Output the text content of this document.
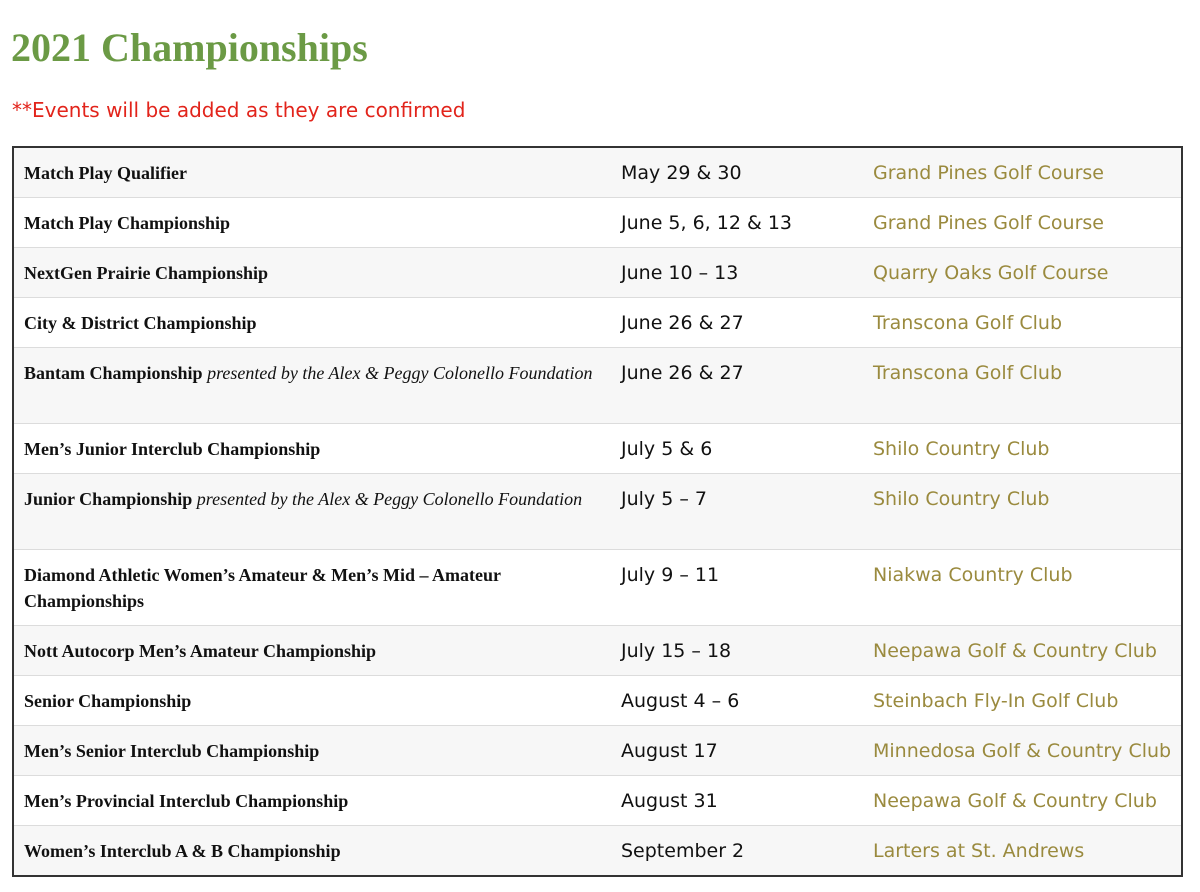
2021 Championships

**Events will be added as they are confirmed

Match Play Qualifier	May 29 & 30	Grand Pines Golf Course
Match Play Championship	June 5, 6, 12 & 13	Grand Pines Golf Course
NextGen Prairie Championship	June 10 – 13	Quarry Oaks Golf Course
City & District Championship	June 26 & 27	Transcona Golf Club
Bantam Championship presented by the Alex & Peggy Colonello Foundation	June 26 & 27	Transcona Golf Club
Men’s Junior Interclub Championship	July 5 & 6	Shilo Country Club
Junior Championship presented by the Alex & Peggy Colonello Foundation	July 5 – 7	Shilo Country Club
Diamond Athletic Women’s Amateur & Men’s Mid – Amateur Championships	July 9 – 11	Niakwa Country Club
Nott Autocorp Men’s Amateur Championship	July 15 – 18	Neepawa Golf & Country Club
Senior Championship	August 4 – 6	Steinbach Fly-In Golf Club
Men’s Senior Interclub Championship	August 17	Minnedosa Golf & Country Club
Men’s Provincial Interclub Championship	August 31	Neepawa Golf & Country Club
Women’s Interclub A & B Championship	September 2	Larters at St. Andrews
